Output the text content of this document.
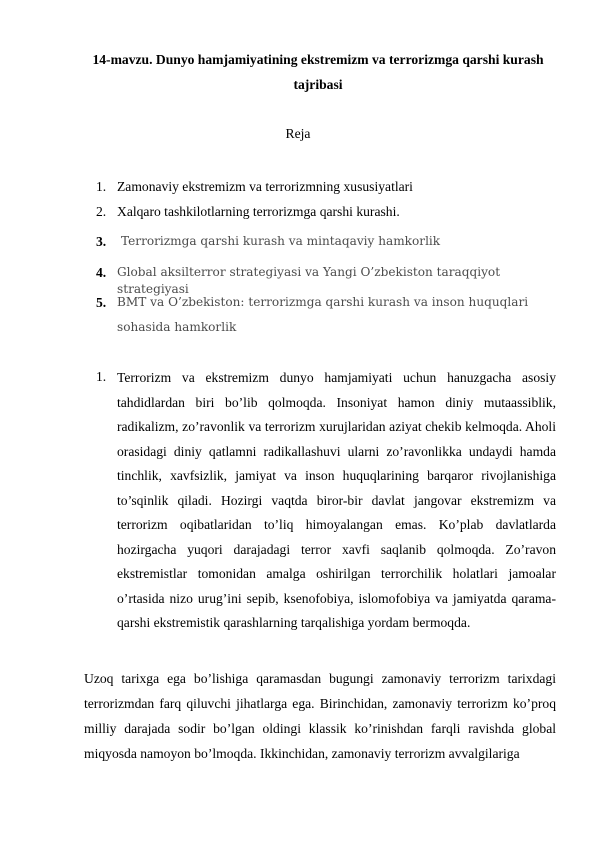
14-mavzu. Dunyo hamjamiyatining ekstremizm va terrorizmga qarshi kurash tajribasi
Reja
1. Zamonaviy ekstremizm va terrorizmning xususiyatlari
2. Xalqaro tashkilotlarning terrorizmga qarshi kurashi.
3. Terrorizmga qarshi kurash va mintaqaviy hamkorlik
4. Global aksilterror strategiyasi va Yangi O’zbekiston taraqqiyot strategiyasi
5. BMT va O’zbekiston: terrorizmga qarshi kurash va inson huquqlari sohasida hamkorlik
1. Terrorizm va ekstremizm dunyo hamjamiyati uchun hanuzgacha asosiy tahdidlardan biri bo’lib qolmoqda. Insoniyat hamon diniy mutaassiblik, radikalizm, zo’ravonlik va terrorizm xurujlaridan aziyat chekib kelmoqda. Aholi orasidagi diniy qatlamni radikallashuvi ularni zo’ravonlikka undaydi hamda tinchlik, xavfsizlik, jamiyat va inson huquqlarining barqaror rivojlanishiga to’sqinlik qiladi. Hozirgi vaqtda biror-bir davlat jangovar ekstremizm va terrorizm oqibatlaridan to’liq himoyalangan emas. Ko’plab davlatlarda hozirgacha yuqori darajadagi terror xavfi saqlanib qolmoqda. Zo’ravon ekstremistlar tomonidan amalga oshirilgan terrorchilik holatlari jamoalar o’rtasida nizo urug’ini sepib, ksenofobiya, islomofobiya va jamiyatda qarama-qarshi ekstremistik qarashlarning tarqalishiga yordam bermoqda.
Uzoq tarixga ega bo’lishiga qaramasdan bugungi zamonaviy terrorizm tarixdagi terrorizmdan farq qiluvchi jihatlarga ega. Birinchidan, zamonaviy terrorizm ko’proq milliy darajada sodir bo’lgan oldingi klassik ko’rinishdan farqli ravishda global miqyosda namoyon bo’lmoqda. Ikkinchidan, zamonaviy terrorizm avvalgilariga
